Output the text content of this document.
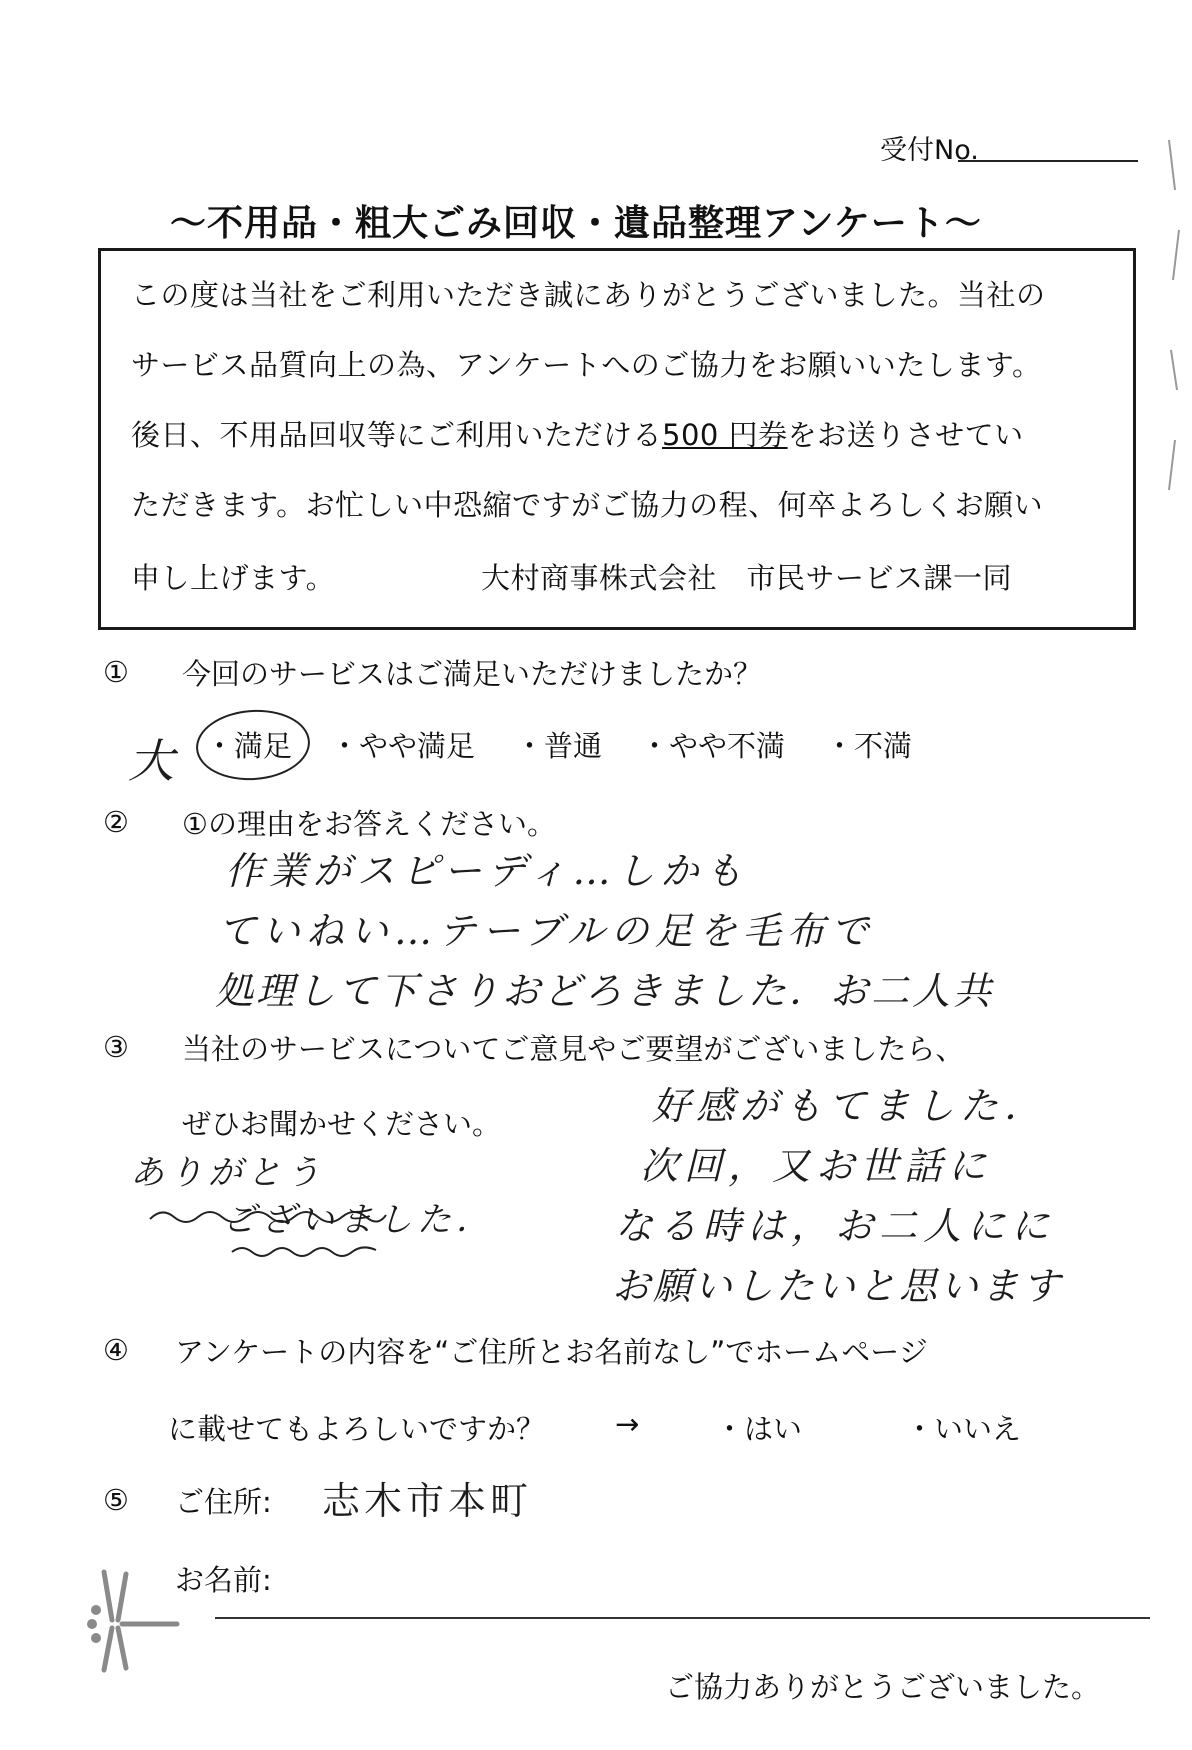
受付No.
～不用品・粗大ごみ回収・遺品整理アンケート～
この度は当社をご利用いただき誠にありがとうございました。当社の
サービス品質向上の為、アンケートへのご協力をお願いいたします。
後日、不用品回収等にご利用いただける500 円券をお送りさせてい
ただきます。お忙しい中恐縮ですがご協力の程、何卒よろしくお願い
申し上げます。	大村商事株式会社　市民サービス課一同
① 今回のサービスはご満足いただけましたか？
大 ・満足 ・やや満足 ・普通 ・やや不満 ・不満
② ①の理由をお答えください。
作業がスピーディ…しかも
ていねい…テーブルの足を毛布で
処理して下さりおどろきました．お二人共
③ 当社のサービスについてご意見やご要望がございましたら、
ぜひお聞かせください。
ありがとう
ございました．
好感がもてました．
次回，又お世話に
なる時は，お二人にに
お願いしたいと思います
④ アンケートの内容を“ご住所とお名前なし”でホームページ
に載せてもよろしいですか？ →	・はい	・いいえ
⑤ ご住所: 志木市本町
お名前:
ご協力ありがとうございました。
